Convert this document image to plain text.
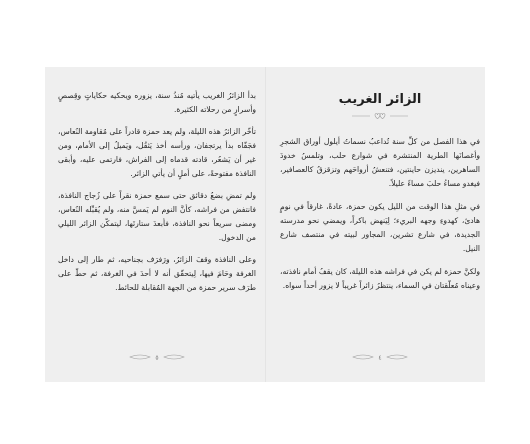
بدأ الزائرُ الغريب يأتيه مُنذُ سنة، يزوره ويحكيه حكاياتٍ وقِصصٍ وأسرارٍ من رحلاته الكثيرة.

تأخّر الزائرُ هذه الليلة، ولم يعد حمزة قادراً على مُقاومة النُعاس، فجَفّاه بدأ يرتجفان، ورأسه أخذ يَثقُل، ويَميلُ إلى الأمام، ومن غير أن يَشعُر، قادته قدماه إلى الفراش، فارتمى عليه، وأبقى النافذة مفتوحةً، على أملٍ أن يأتي الزائر.

ولم تمضِ بضعُ دقائق حتى سمع حمزة نقراً على زُجاج النافذة، فانتفض من فراشه، كأنَّ النوم لم يَمسَّ منه، ولم يُقبِّله النُعاس، ومضى سريعاً نحو النافذة، فأبعدَ ستارتَها، ليتمكّن الزائر الليلي من الدخول.

وعلى النافذة وقفَ الزائرُ، ورَفرَف بجناحيه، ثم طار إلى داخل الغرفة وحَامَ فيها، لِيتحقّق أنه لا أحدَ في الغرفة، ثم حطّ على طرَف سرير حمزة من الجهة المُقابلة للحائط.

٥
الزائر الغريب

في هذا الفصل من كلِّ سنة تُداعبُ نسماتُ أيلول أوراق الشجرِ وأغصانَها الطرية المنتشرة في شوارع حلب، وتلمسُ خدودَ الساهرين، ينديزن حاينتين، فتنعشُ أرواحَهم وتزقزقُ كالعصافير، فيغدو مساءُ حلبَ مساءً عليلاً.

في مثلِ هذا الوقت من الليل يكون حمزة، عادةً، غارقاً في نومٍ هادئ، كهدوءِ وجهه البريء؛ لِيَنهض باكراً، ويمضي نحو مدرسته الجديدة، في شارع تشرين، المجاور لبيته في منتصف شارع النيل.

ولكنَّ حمزة لم يكن في فراشه هذه الليلة، كان يقفُ أمام نافذته، وعيناه مُعلّقتان في السماء، ينتظرُ زائراً غريباً لا يزور أحداً سواه.

٤
